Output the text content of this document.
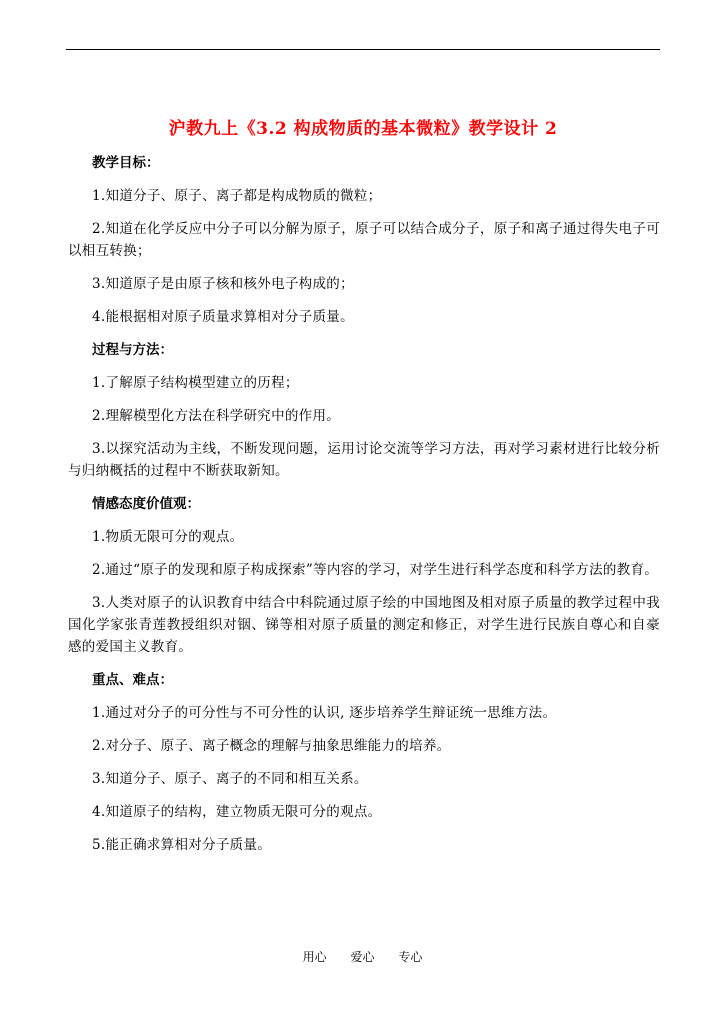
沪教九上《3.2 构成物质的基本微粒》教学设计 2
教学目标：

1.知道分子、原子、离子都是构成物质的微粒；

2.知道在化学反应中分子可以分解为原子，原子可以结合成分子，原子和离子通过得失电子可以相互转换；

3.知道原子是由原子核和核外电子构成的；

4.能根据相对原子质量求算相对分子质量。

过程与方法：

1.了解原子结构模型建立的历程；

2.理解模型化方法在科学研究中的作用。

3.以探究活动为主线，不断发现问题，运用讨论交流等学习方法，再对学习素材进行比较分析与归纳概括的过程中不断获取新知。

情感态度价值观：

1.物质无限可分的观点。

2.通过“原子的发现和原子构成探索”等内容的学习，对学生进行科学态度和科学方法的教育。

3.人类对原子的认识教育中结合中科院通过原子绘的中国地图及相对原子质量的教学过程中我国化学家张青莲教授组织对铟、锑等相对原子质量的测定和修正，对学生进行民族自尊心和自豪感的爱国主义教育。

重点、难点：

1.通过对分子的可分性与不可分性的认识, 逐步培养学生辩证统一思维方法。

2.对分子、原子、离子概念的理解与抽象思维能力的培养。

3.知道分子、原子、离子的不同和相互关系。

4.知道原子的结构，建立物质无限可分的观点。

5.能正确求算相对分子质量。

用心 爱心 专心
